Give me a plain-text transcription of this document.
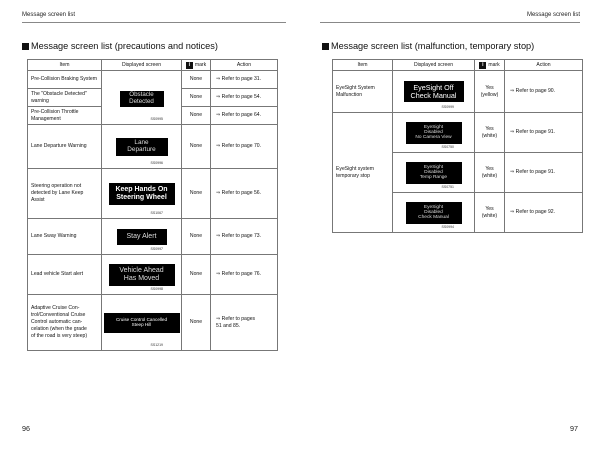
Message screen list
Message screen list (precautions and notices)
Item	Displayed screen	i mark	Action
Pre-Collision Braking System	Obstacle
Detected
SS0995	None	⇒ Refer to page 31.
The "Obstacle Detected" warning		None	⇒ Refer to page 54.
Pre-Collision Throttle Management		None	⇒ Refer to page 64.
Lane Departure Warning	Lane
Departure
SS0996	None	⇒ Refer to page 70.
Steering operation not detected by Lane Keep Assist	Keep Hands On
Steering Wheel
SS1067	None	⇒ Refer to page 56.
Lane Sway Warning	Stay Alert
SS0997	None	⇒ Refer to page 73.
Lead vehicle Start alert	Vehicle Ahead
Has Moved
SS0998	None	⇒ Refer to page 76.
Adaptive Cruise Con-
trol/Conventional Cruise
Control automatic can-
celation (when the grade
of the road is very steep)	Cruise Control Cancelled
Steep Hill
SS1219	None	⇒ Refer to pages
51 and 85.
96
Message screen list
Message screen list (malfunction, temporary stop)
Item	Displayed screen	i mark	Action
EyeSight System Malfunction	EyeSight Off
Check Manual
SS0999	Yes
(yellow)	⇒ Refer to page 90.
EyeSight system temporary stop	EyeSight
Disabled
No Camera View
SS0750	Yes
(white)	⇒ Refer to page 91.

	EyeSight
Disabled
Temp Range
SS0751	Yes
(white)	⇒ Refer to page 91.

	EyeSight
Disabled
Check Manual
SS0994	Yes
(white)	⇒ Refer to page 92.
97
